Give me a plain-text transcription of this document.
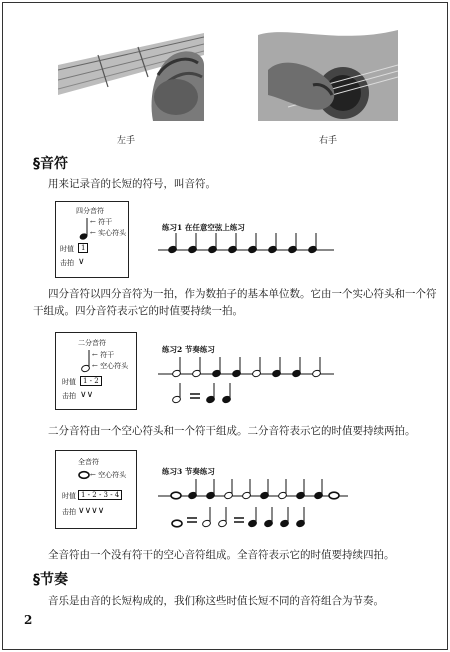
左手	右手
§音符
用来记录音的长短的符号，叫音符。
四分音符
← 符干
← 实心符头
时值	1
击拍 ∨
练习1 在任意空弦上练习
四分音符以四分音符为一拍，作为数拍子的基本单位数。它由一个实心符头和一个符
干组成。四分音符表示它的时值要持续一拍。
二分音符
← 符干
← 空心符头
时值	1 - 2
击拍 ∨∨
练习2 节奏练习
二分音符由一个空心符头和一个符干组成。二分音符表示它的时值要持续两拍。
全音符
← 空心符头
时值 1 - 2 - 3 - 4
击拍 ∨∨∨∨
练习3 节奏练习
全音符由一个没有符干的空心音符组成。全音符表示它的时值要持续四拍。
§节奏
音乐是由音的长短构成的，我们称这些时值长短不同的音符组合为节奏。
2
